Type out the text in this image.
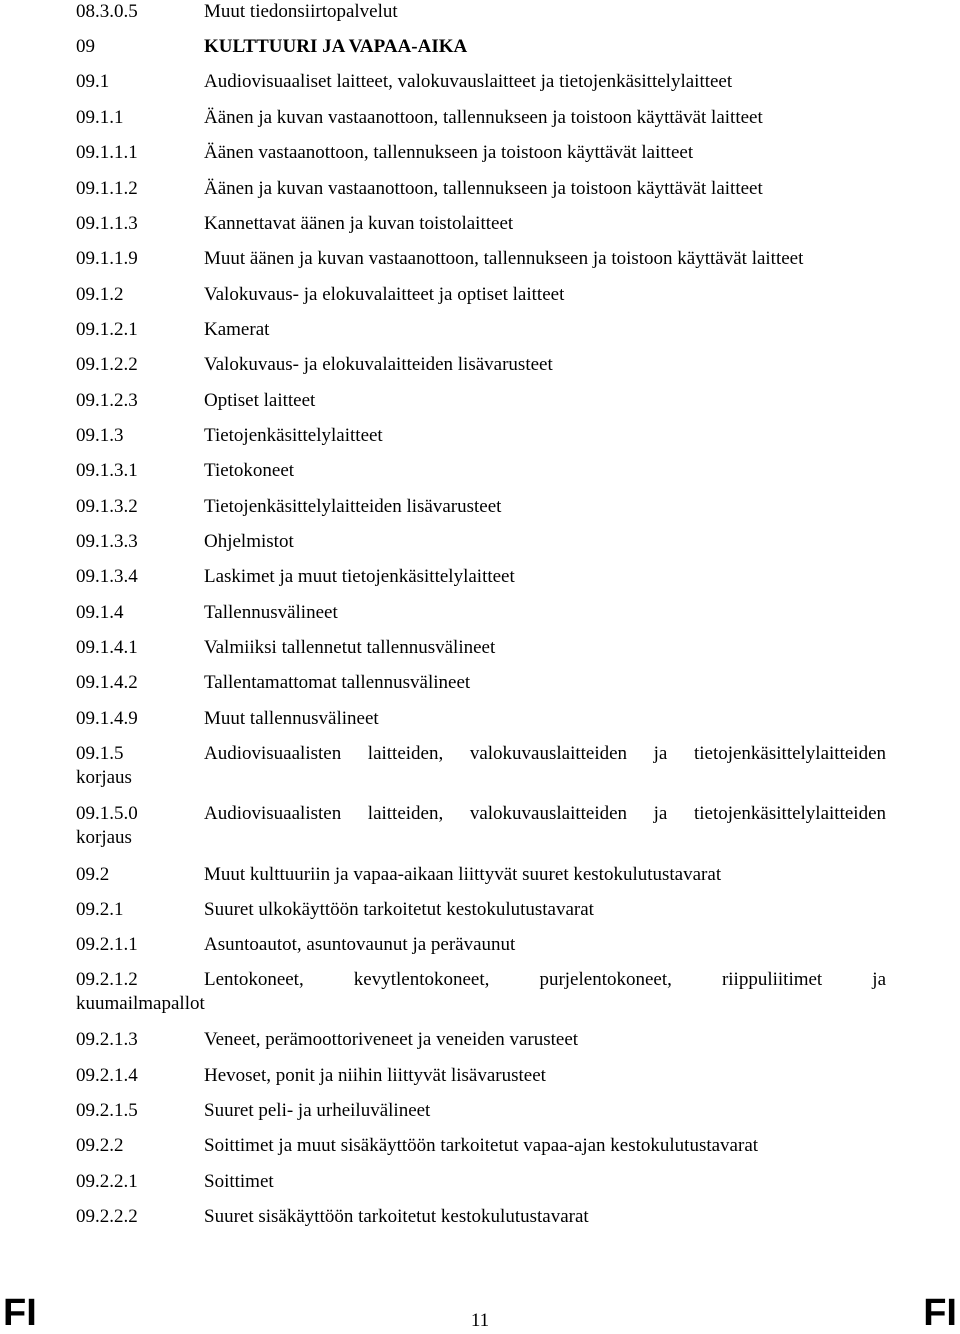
08.3.0.5	Muut tiedonsiirtopalvelut
09	KULTTUURI JA VAPAA-AIKA
09.1	Audiovisuaaliset laitteet, valokuvauslaitteet ja tietojenkäsittelylaitteet
09.1.1	Äänen ja kuvan vastaanottoon, tallennukseen ja toistoon käyttävät laitteet
09.1.1.1	Äänen vastaanottoon, tallennukseen ja toistoon käyttävät laitteet
09.1.1.2	Äänen ja kuvan vastaanottoon, tallennukseen ja toistoon käyttävät laitteet
09.1.1.3	Kannettavat äänen ja kuvan toistolaitteet
09.1.1.9	Muut äänen ja kuvan vastaanottoon, tallennukseen ja toistoon käyttävät laitteet
09.1.2	Valokuvaus- ja elokuvalaitteet ja optiset laitteet
09.1.2.1	Kamerat
09.1.2.2	Valokuvaus- ja elokuvalaitteiden lisävarusteet
09.1.2.3	Optiset laitteet
09.1.3	Tietojenkäsittelylaitteet
09.1.3.1	Tietokoneet
09.1.3.2	Tietojenkäsittelylaitteiden lisävarusteet
09.1.3.3	Ohjelmistot
09.1.3.4	Laskimet ja muut tietojenkäsittelylaitteet
09.1.4	Tallennusvälineet
09.1.4.1	Valmiiksi tallennetut tallennusvälineet
09.1.4.2	Tallentamattomat tallennusvälineet
09.1.4.9	Muut tallennusvälineet
09.1.5	Audiovisuaalisten laitteiden, valokuvauslaitteiden ja tietojenkäsittelylaitteiden
korjaus
09.1.5.0	Audiovisuaalisten laitteiden, valokuvauslaitteiden ja tietojenkäsittelylaitteiden
korjaus
09.2	Muut kulttuuriin ja vapaa-aikaan liittyvät suuret kestokulutustavarat
09.2.1	Suuret ulkokäyttöön tarkoitetut kestokulutustavarat
09.2.1.1	Asuntoautot, asuntovaunut ja perävaunut
09.2.1.2	Lentokoneet, kevytlentokoneet, purjelentokoneet, riippuliitimet ja
kuumailmapallot
09.2.1.3	Veneet, perämoottoriveneet ja veneiden varusteet
09.2.1.4	Hevoset, ponit ja niihin liittyvät lisävarusteet
09.2.1.5	Suuret peli- ja urheiluvälineet
09.2.2	Soittimet ja muut sisäkäyttöön tarkoitetut vapaa-ajan kestokulutustavarat
09.2.2.1	Soittimet
09.2.2.2	Suuret sisäkäyttöön tarkoitetut kestokulutustavarat
FI	11	FI
